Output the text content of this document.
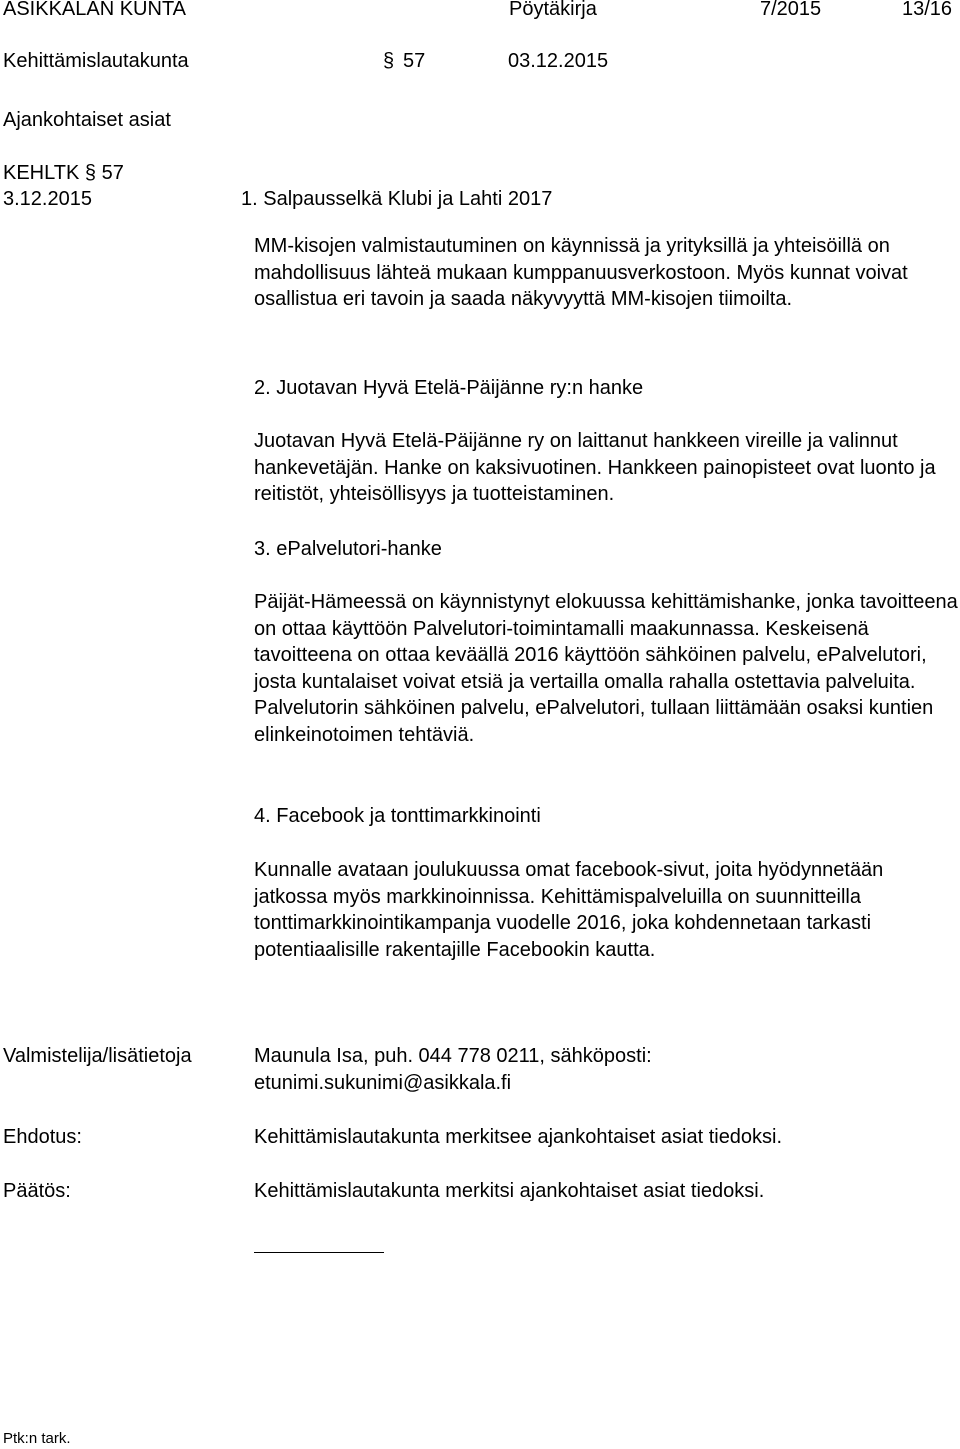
ASIKKALAN KUNTA	Pöytäkirja	7/2015	13/16
Kehittämislautakunta	§ 57	03.12.2015
Ajankohtaiset asiat
KEHLTK § 57
3.12.2015	1. Salpausselkä Klubi ja Lahti 2017
MM-kisojen valmistautuminen on käynnissä ja yrityksillä ja yhteisöillä on mahdollisuus lähteä mukaan kumppanuusverkostoon. Myös kunnat voivat osallistua eri tavoin ja saada näkyvyyttä MM-kisojen tiimoilta.
2. Juotavan Hyvä Etelä-Päijänne ry:n hanke
Juotavan Hyvä Etelä-Päijänne ry on laittanut hankkeen vireille ja valinnut hankevetäjän. Hanke on kaksivuotinen. Hankkeen painopisteet ovat luonto ja reitistöt, yhteisöllisyys ja tuotteistaminen.
3. ePalvelutori-hanke
Päijät-Hämeessä on käynnistynyt elokuussa kehittämishanke, jonka tavoitteena on ottaa käyttöön Palvelutori-toimintamalli maakunnassa. Keskeisenä tavoitteena on ottaa keväällä 2016 käyttöön sähköinen palvelu, ePalvelutori, josta kuntalaiset voivat etsiä ja vertailla omalla rahalla ostettavia palveluita. Palvelutorin sähköinen palvelu, ePalvelutori, tullaan liittämään osaksi kuntien elinkeinotoimen tehtäviä.
4. Facebook ja tonttimarkkinointi
Kunnalle avataan joulukuussa omat facebook-sivut, joita hyödynnetään jatkossa myös markkinoinnissa. Kehittämispalveluilla on suunnitteilla tonttimarkkinointikampanja vuodelle 2016, joka kohdennetaan tarkasti potentiaalisille rakentajille Facebookin kautta.
Valmistelija/lisätietoja	Maunula Isa, puh. 044 778 0211, sähköposti:
etunimi.sukunimi@asikkala.fi
Ehdotus:	Kehittämislautakunta merkitsee ajankohtaiset asiat tiedoksi.
Päätös:	Kehittämislautakunta merkitsi ajankohtaiset asiat tiedoksi.
Ptk:n tark.
